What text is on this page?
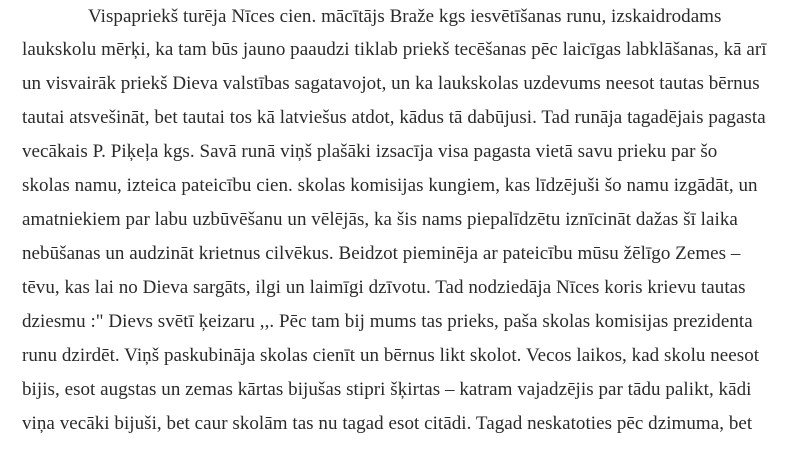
Vispapriekš turēja Nīces cien. mācītājs Braže kgs iesvētīšanas runu, izskaidrodams
laukskolu mērķi, ka tam būs jauno paaudzi tiklab priekš tecēšanas pēc laicīgas labklāšanas, kā arī
un visvairāk priekš Dieva valstības sagatavojot, un ka laukskolas uzdevums neesot tautas bērnus
tautai atsvešināt, bet tautai tos kā latviešus atdot, kādus tā dabūjusi. Tad runāja tagadējais pagasta
vecākais P. Piķeļa kgs. Savā runā viņš plašāki izsacīja visa pagasta vietā savu prieku par šo
skolas namu, izteica pateicību cien. skolas komisijas kungiem, kas līdzējuši šo namu izgādāt, un
amatniekiem par labu uzbūvēšanu un vēlējās, ka šis nams piepalīdzētu iznīcināt dažas šī laika
nebūšanas un audzināt krietnus cilvēkus. Beidzot pieminēja ar pateicību mūsu žēlīgo Zemes –
tēvu, kas lai no Dieva sargāts, ilgi un laimīgi dzīvotu. Tad nodziedāja Nīces koris krievu tautas
dziesmu :" Dievs svētī ķeizaru ,,. Pēc tam bij mums tas prieks, paša skolas komisijas prezidenta
runu dzirdēt. Viņš paskubināja skolas cienīt un bērnus likt skolot. Vecos laikos, kad skolu neesot
bijis, esot augstas un zemas kārtas bijušas stipri šķirtas – katram vajadzējis par tādu palikt, kādi
viņa vecāki bijuši, bet caur skolām tas nu tagad esot citādi. Tagad neskatoties pēc dzimuma, bet
